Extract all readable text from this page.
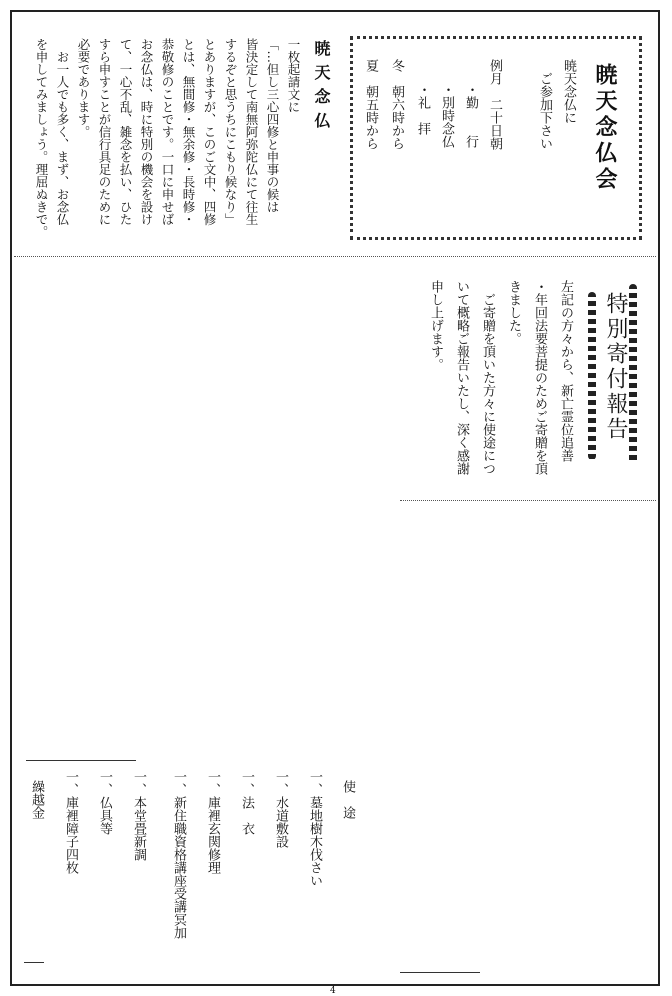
暁天念仏会
暁天念仏に
　ご参加下さい
例月　二十日朝
・勤　　行
・別時念仏
・礼　拝
冬　朝六時から
夏　朝五時から
暁天念仏
一枚起請文に
「…但し三心四修と申事の候は
皆決定して南無阿弥陀仏にて往生
するぞと思うちにこもり候なり」
とありますが、このご文中、四修
とは、無間修・無余修・長時修・
恭敬修のことです。一口に申せば
お念仏は、時に特別の機会を設け
て、一心不乱、雑念を払い、ひた
すら申すことが信行具足のために
必要であります。
　お一人でも多く、まず、お念仏
を申してみましょう。理屈ぬきで。
特別寄付報告
左記の方々から、新亡霊位追善
・年回法要菩提のためご寄贈を頂
きました。
　ご寄贈を頂いた方々に使途につ
いて概略ご報告いたし、深く感謝
申し上げます。
使　途
一、墓地樹木伐さい
一、水道敷設
一、法　衣
一、庫裡玄関修理
一、新住職資格講座受講冥加
一、本堂畳新調
一、仏具等
一、庫裡障子四枚
繰越金
4
